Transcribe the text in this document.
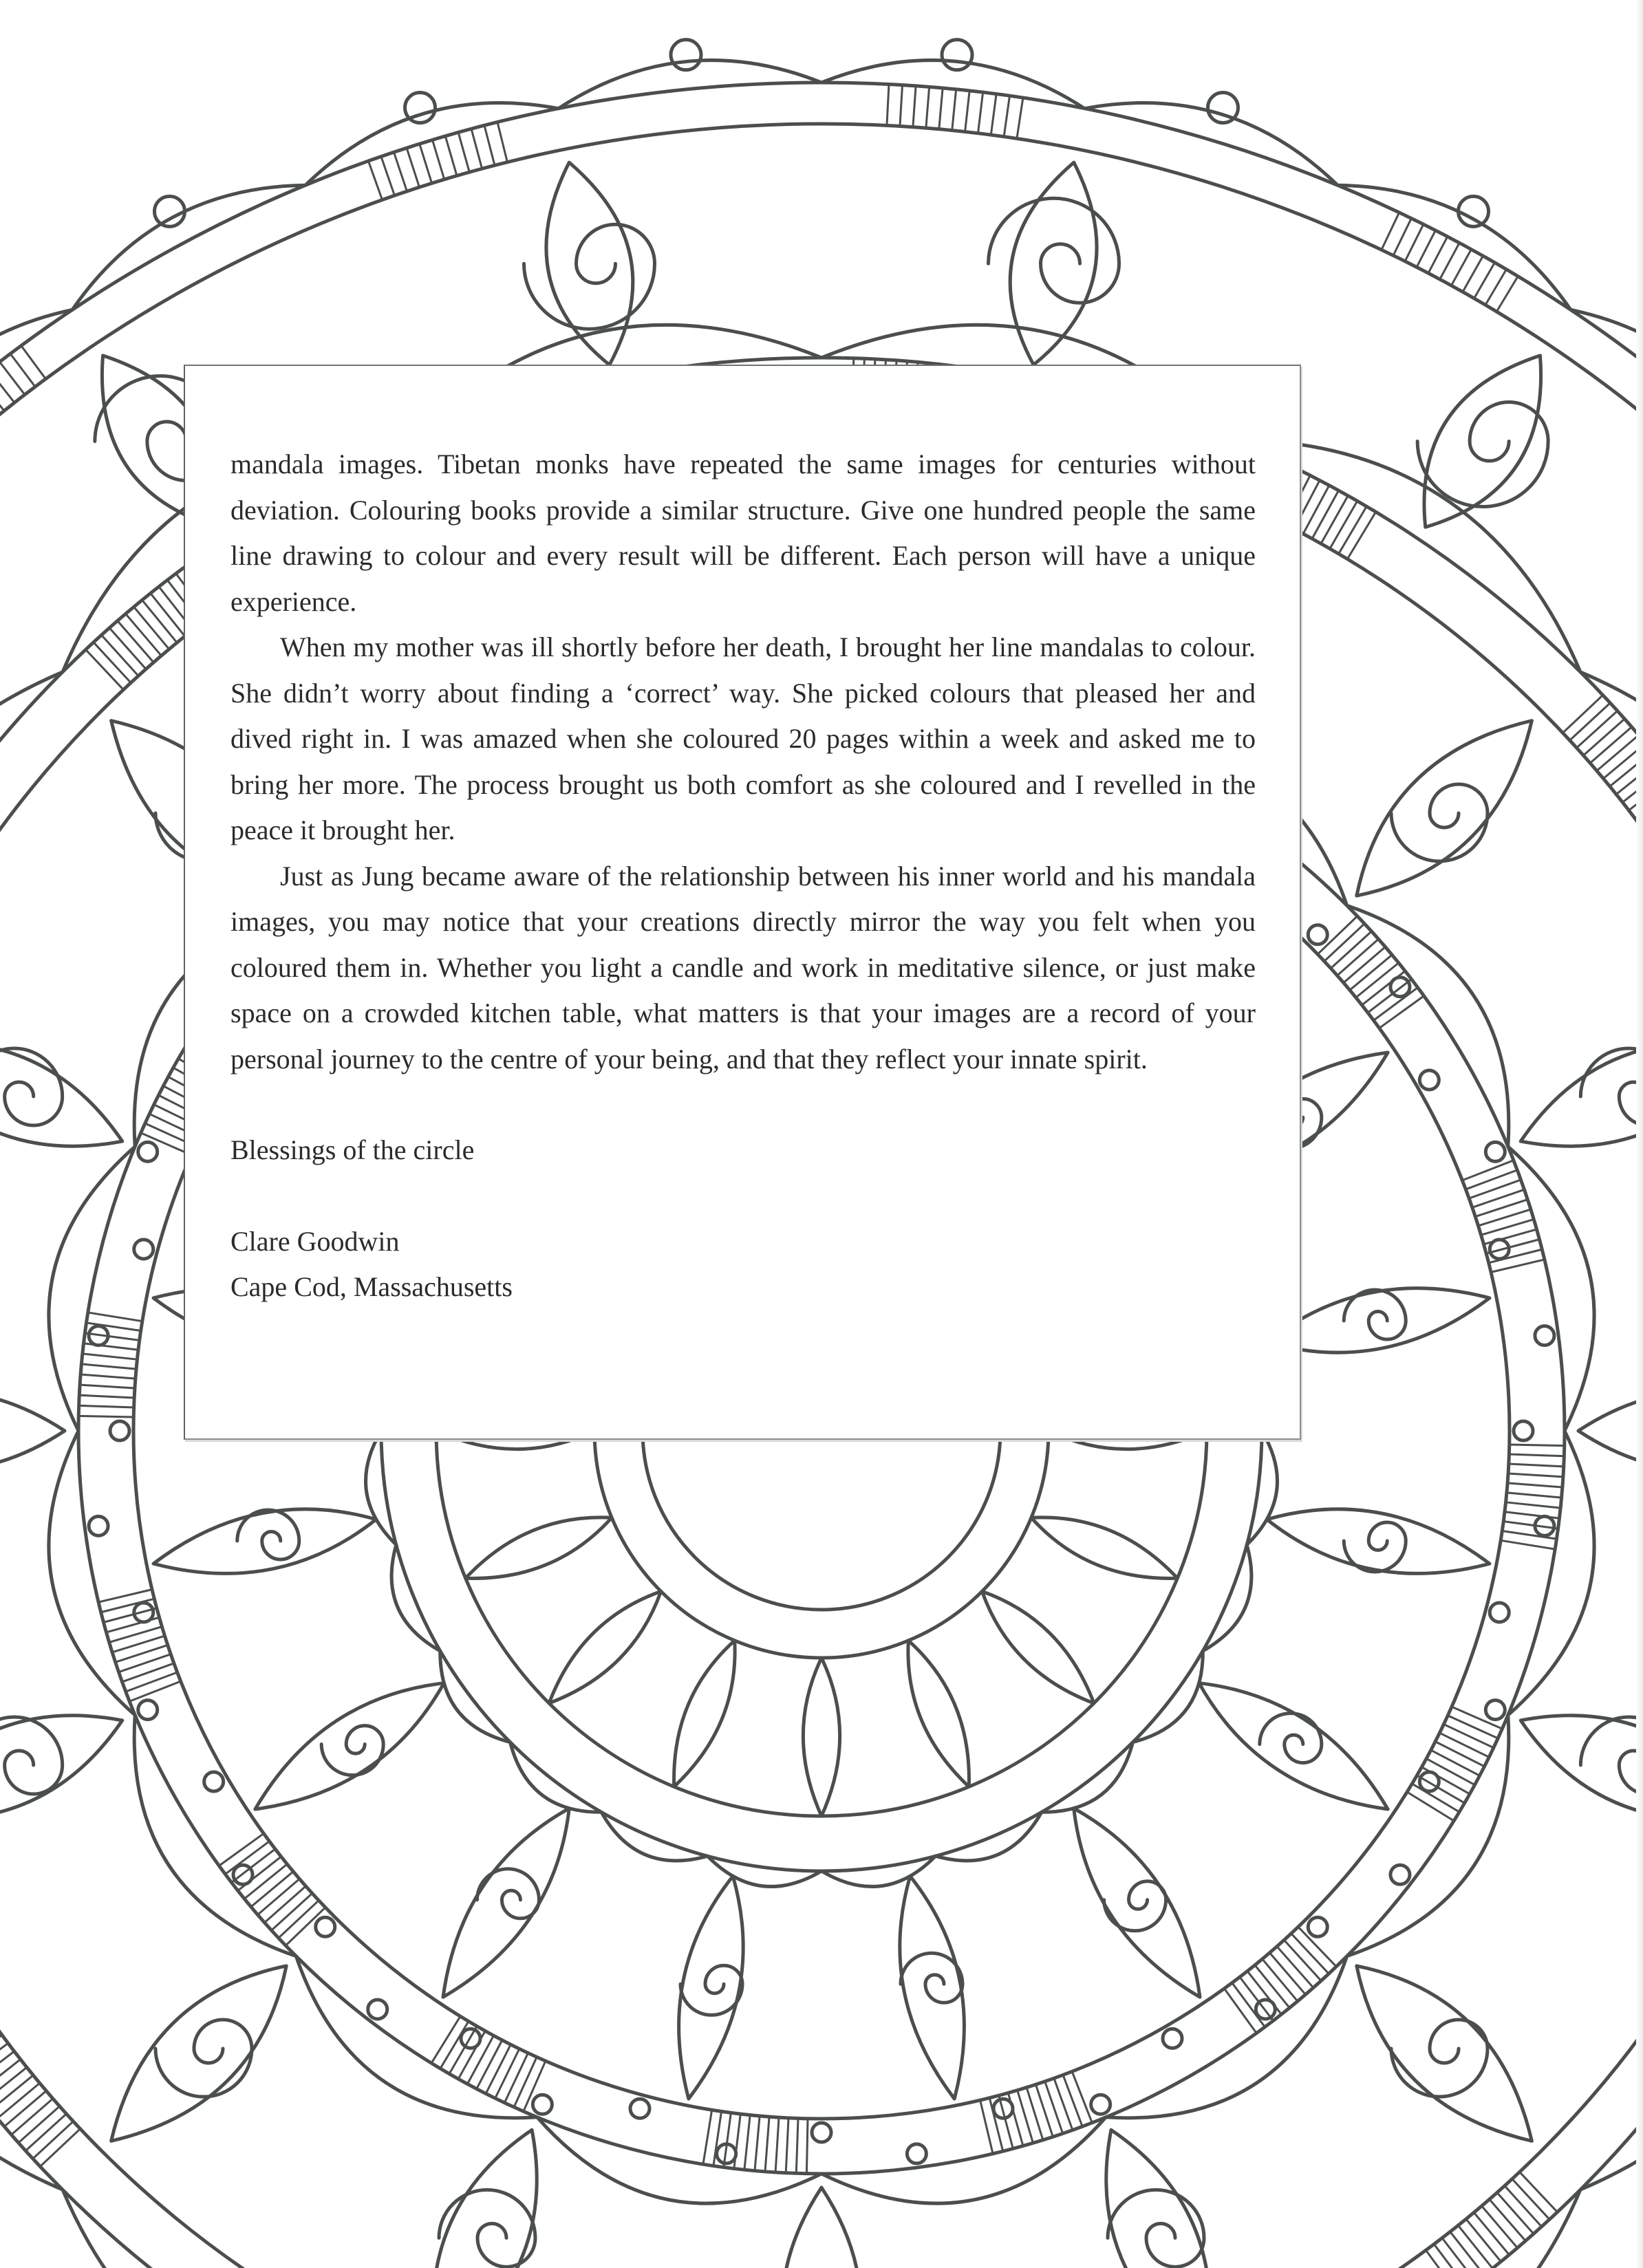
mandala images. Tibetan monks have repeated the same images for centuries without deviation. Colouring books provide a similar structure. Give one hundred people the same line drawing to colour and every result will be different. Each person will have a unique experience.

When my mother was ill shortly before her death, I brought her line mandalas to colour. She didn’t worry about finding a ‘correct’ way. She picked colours that pleased her and dived right in. I was amazed when she coloured 20 pages within a week and asked me to bring her more. The process brought us both comfort as she coloured and I revelled in the peace it brought her.

Just as Jung became aware of the relationship between his inner world and his mandala images, you may notice that your creations directly mirror the way you felt when you coloured them in. Whether you light a candle and work in meditative silence, or just make space on a crowded kitchen table, what matters is that your images are a record of your personal journey to the centre of your being, and that they reflect your innate spirit.

Blessings of the circle

Clare Goodwin

Cape Cod, Massachusetts
